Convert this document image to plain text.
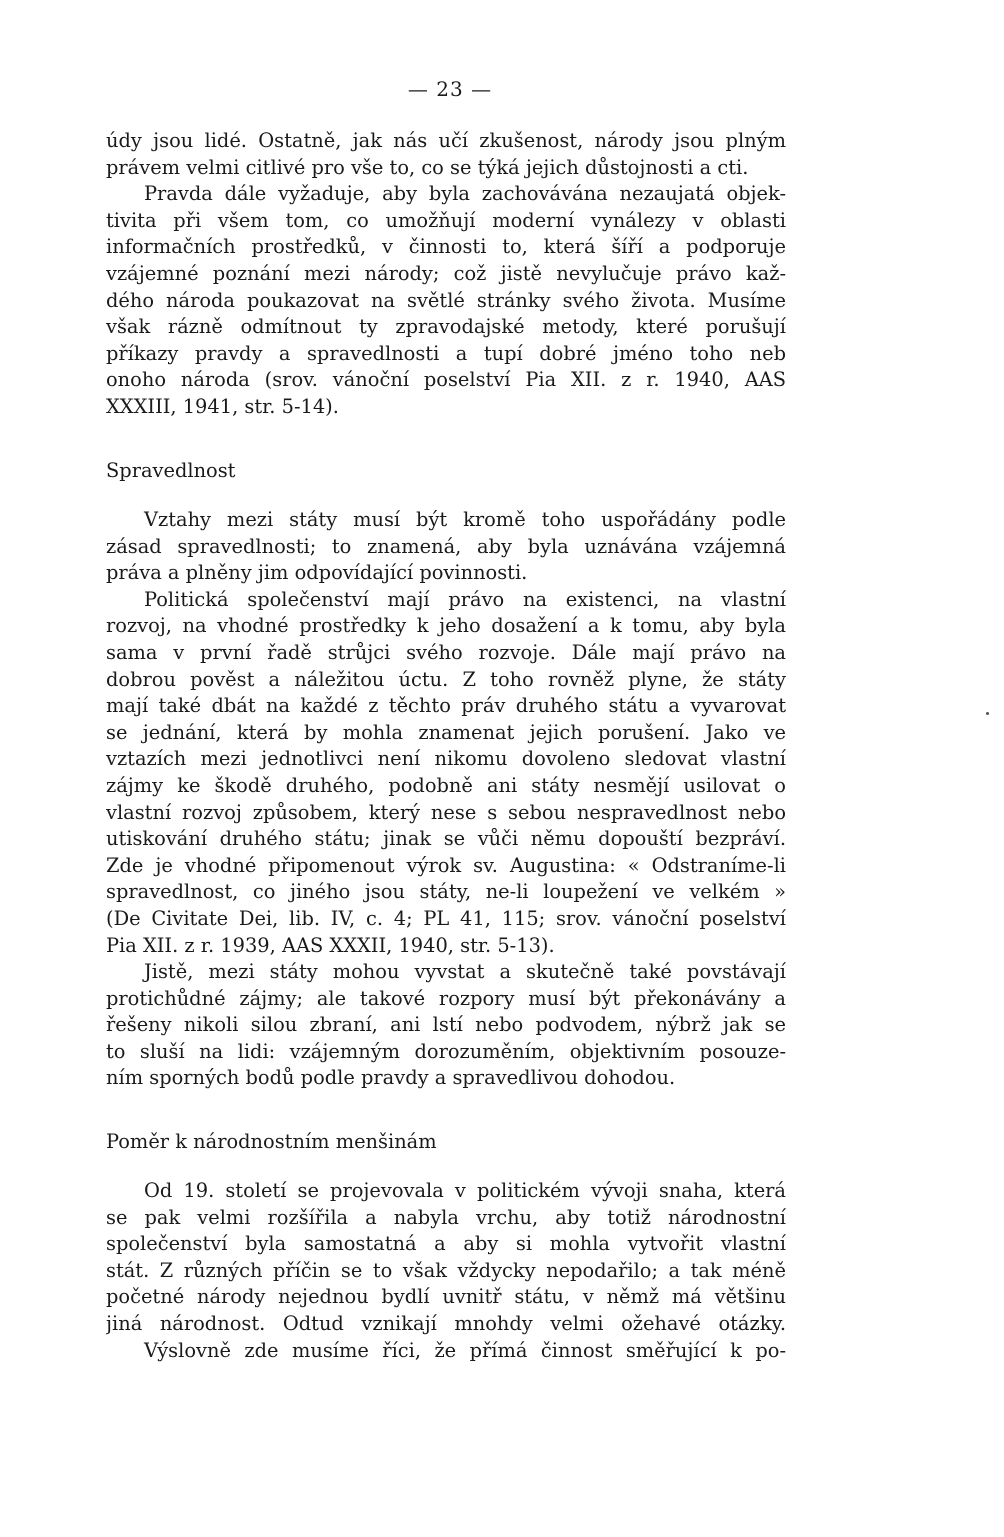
— 23 —
údy jsou lidé. Ostatně, jak nás učí zkušenost, národy jsou plným
právem velmi citlivé pro vše to, co se týká jejich důstojnosti a cti.
Pravda dále vyžaduje, aby byla zachovávána nezaujatá objek-
tivita při všem tom, co umožňují moderní vynálezy v oblasti
informačních prostředků, v činnosti to, která šíří a podporuje
vzájemné poznání mezi národy; což jistě nevylučuje právo kaž-
dého národa poukazovat na světlé stránky svého života. Musíme
však rázně odmítnout ty zpravodajské metody, které porušují
příkazy pravdy a spravedlnosti a tupí dobré jméno toho neb
onoho národa (srov. vánoční poselství Pia XII. z r. 1940, AAS
XXXIII, 1941, str. 5-14).
Spravedlnost
Vztahy mezi státy musí být kromě toho uspořádány podle
zásad spravedlnosti; to znamená, aby byla uznávána vzájemná
práva a plněny jim odpovídající povinnosti.
Politická společenství mají právo na existenci, na vlastní
rozvoj, na vhodné prostředky k jeho dosažení a k tomu, aby byla
sama v první řadě strůjci svého rozvoje. Dále mají právo na
dobrou pověst a náležitou úctu. Z toho rovněž plyne, že státy
mají také dbát na každé z těchto práv druhého státu a vyvarovat
se jednání, která by mohla znamenat jejich porušení. Jako ve
vztazích mezi jednotlivci není nikomu dovoleno sledovat vlastní
zájmy ke škodě druhého, podobně ani státy nesmějí usilovat o
vlastní rozvoj způsobem, který nese s sebou nespravedlnost nebo
utiskování druhého státu; jinak se vůči němu dopouští bezpráví.
Zde je vhodné připomenout výrok sv. Augustina: « Odstraníme-li
spravedlnost, co jiného jsou státy, ne-li loupežení ve velkém »
(De Civitate Dei, lib. IV, c. 4; PL 41, 115; srov. vánoční poselství
Pia XII. z r. 1939, AAS XXXII, 1940, str. 5-13).
Jistě, mezi státy mohou vyvstat a skutečně také povstávají
protichůdné zájmy; ale takové rozpory musí být překonávány a
řešeny nikoli silou zbraní, ani lstí nebo podvodem, nýbrž jak se
to sluší na lidi: vzájemným dorozuměním, objektivním posouze-
ním sporných bodů podle pravdy a spravedlivou dohodou.
Poměr k národnostním menšinám
Od 19. století se projevovala v politickém vývoji snaha, která
se pak velmi rozšířila a nabyla vrchu, aby totiž národnostní
společenství byla samostatná a aby si mohla vytvořit vlastní
stát. Z různých příčin se to však vždycky nepodařilo; a tak méně
početné národy nejednou bydlí uvnitř státu, v němž má většinu
jiná národnost. Odtud vznikají mnohdy velmi ožehavé otázky.
Výslovně zde musíme říci, že přímá činnost směřující k po-
